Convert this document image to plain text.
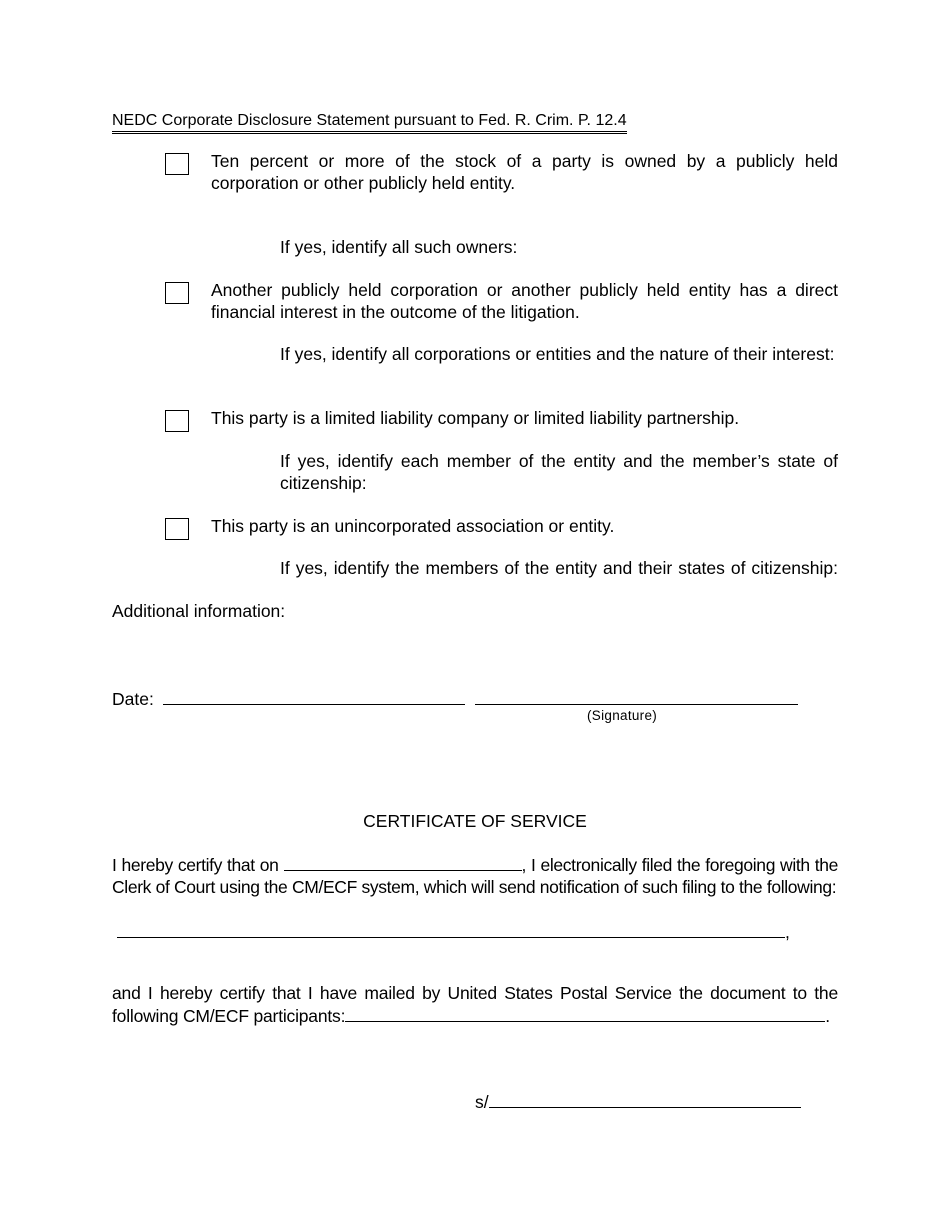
NEDC Corporate Disclosure Statement pursuant to Fed. R. Crim. P. 12.4
Ten percent or more of the stock of a party is owned by a publicly held corporation or other publicly held entity.
If yes, identify all such owners:
Another publicly held corporation or another publicly held entity has a direct financial interest in the outcome of the litigation.
If yes, identify all corporations or entities and the nature of their interest:
This party is a limited liability company or limited liability partnership.
If yes, identify each member of the entity and the member’s state of citizenship:
This party is an unincorporated association or entity.
If yes, identify the members of the entity and their states of citizenship:
Additional information:
Date:
(Signature)
CERTIFICATE OF SERVICE
I hereby certify that on	, I electronically filed the foregoing with the Clerk of Court using the CM/ECF system, which will send notification of such filing to the following:
,
and I hereby certify that I have mailed by United States Postal Service the document to the following CM/ECF participants:	.
s/
